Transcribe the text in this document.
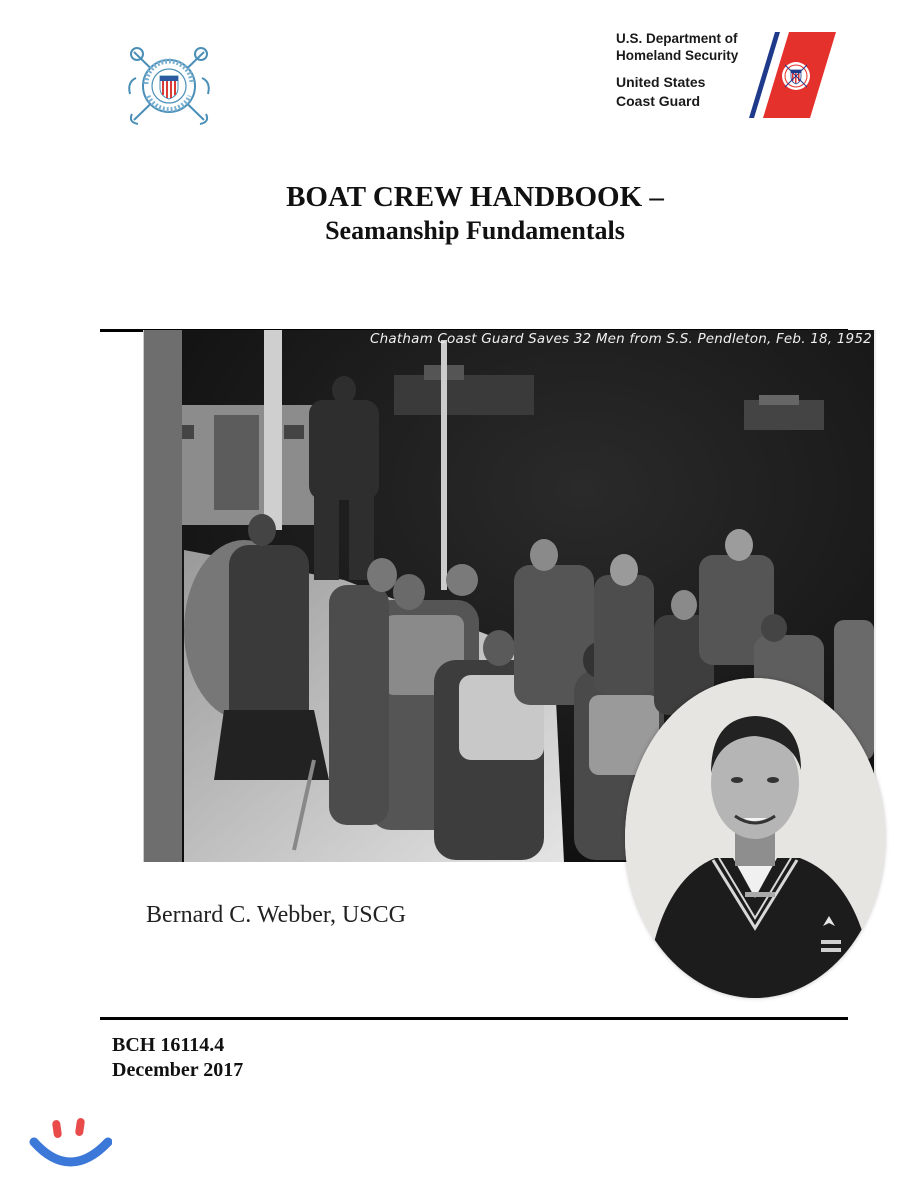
U.S. Department of
Homeland Security
United States
Coast Guard
BOAT CREW HANDBOOK –
Seamanship Fundamentals
Chatham Coast Guard Saves 32 Men from S.S. Pendleton, Feb. 18, 1952
Bernard C. Webber, USCG
BCH 16114.4
December 2017
